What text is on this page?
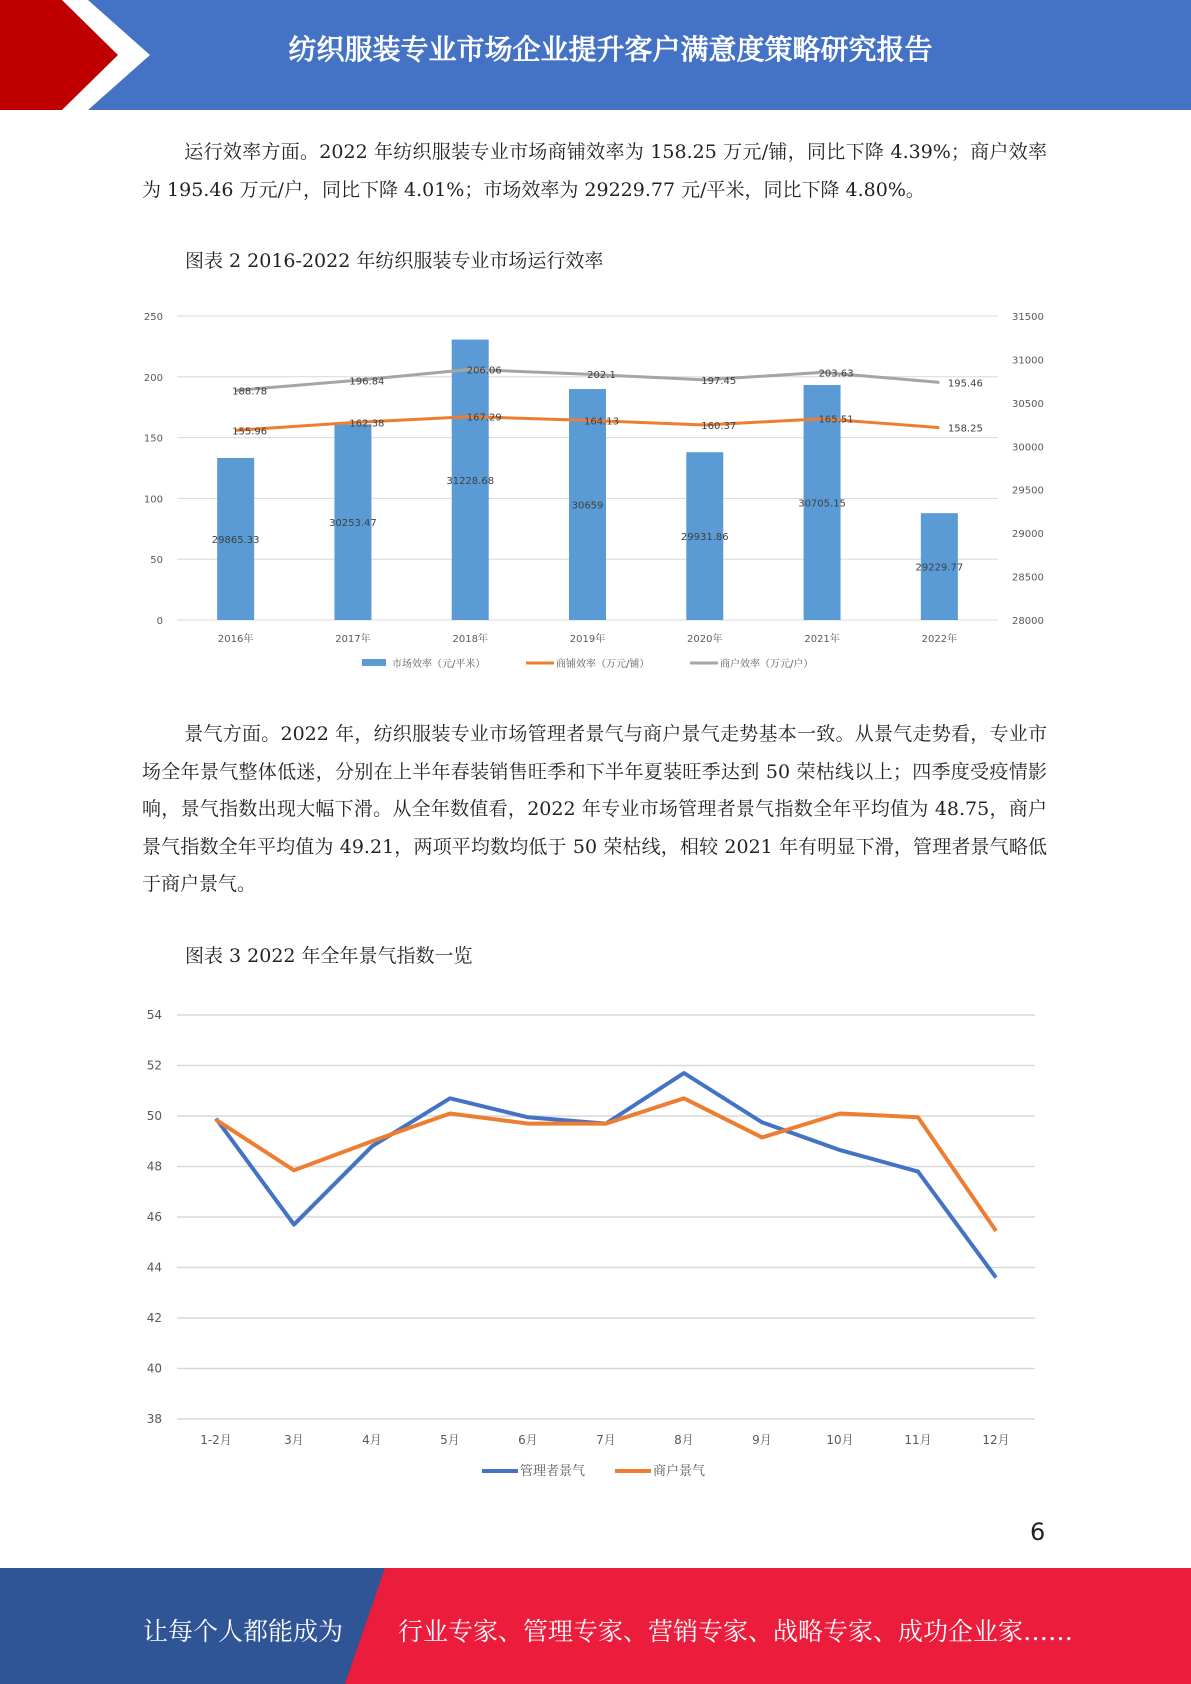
纺织服装专业市场企业提升客户满意度策略研究报告

运行效率方面。2022 年纺织服装专业市场商铺效率为 158.25 万元/铺，同比下降 4.39%；商户效率为 195.46 万元/户，同比下降 4.01%；市场效率为 29229.77 元/平米，同比下降 4.80%。

图表 2 2016-2022 年纺织服装专业市场运行效率

0
50
100
150
200
250
28000
28500
29000
29500
30000
30500
31000
31500
29865.33
30253.47
31228.68
30659
29931.86
30705.15
29229.77
2016年	2017年	2018年	2019年	2020年	2021年	2022年
155.96
162.38
167.29	164.13	160.37
165.51
158.25
188.78
196.84
206.06	202.1
197.45
203.63
195.46
市场效率（元/平米）	商铺效率（万元/铺）	商户效率（万元/户）

景气方面。2022 年，纺织服装专业市场管理者景气与商户景气走势基本一致。从景气走势看，专业市场全年景气整体低迷，分别在上半年春装销售旺季和下半年夏装旺季达到 50 荣枯线以上；四季度受疫情影响，景气指数出现大幅下滑。从全年数值看，2022 年专业市场管理者景气指数全年平均值为 48.75，商户景气指数全年平均值为 49.21，两项平均数均低于 50 荣枯线，相较 2021 年有明显下滑，管理者景气略低于商户景气。

图表 3 2022 年全年景气指数一览

38
40
42
44
46
48
50
52
54
1-2月	3月	4月	5月	6月	7月	8月	9月	10月	11月	12月
管理者景气	商户景气
6
让每个人都能成为 行业专家、管理专家、营销专家、战略专家、成功企业家……
